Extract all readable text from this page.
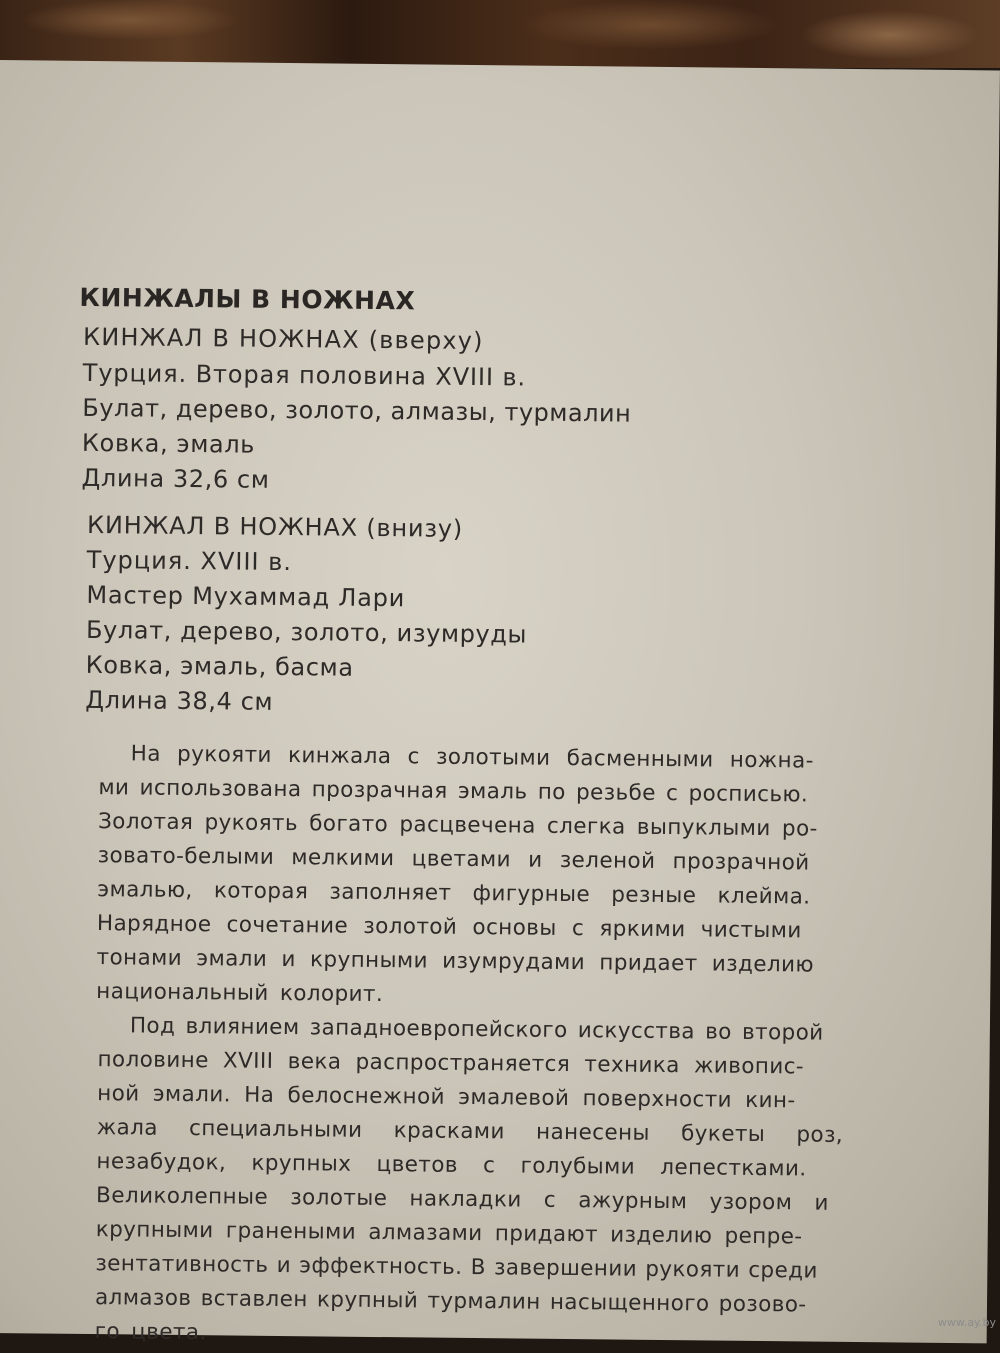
КИНЖАЛЫ В НОЖНАХ

КИНЖАЛ В НОЖНАХ (вверху)

Турция. Вторая половина XVIII в.

Булат, дерево, золото, алмазы, турмалин

Ковка, эмаль

Длина 32,6 см

КИНЖАЛ В НОЖНАХ (внизу)

Турция. XVIII в.

Мастер Мухаммад Лари

Булат, дерево, золото, изумруды

Ковка, эмаль, басма

Длина 38,4 см

На рукояти кинжала с золотыми басменными ножна-

ми использована прозрачная эмаль по резьбе с росписью.

Золотая рукоять богато расцвечена слегка выпуклыми ро-

зовато-белыми мелкими цветами и зеленой прозрачной

эмалью, которая заполняет фигурные резные клейма.

Нарядное сочетание золотой основы с яркими чистыми

тонами эмали и крупными изумрудами придает изделию

национальный колорит.

Под влиянием западноевропейского искусства во второй

половине XVIII века распространяется техника живопис-

ной эмали. На белоснежной эмалевой поверхности кин-

жала специальными красками нанесены букеты роз,

незабудок, крупных цветов с голубыми лепестками.

Великолепные золотые накладки с ажурным узором и

крупными гранеными алмазами придают изделию репре-

зентативность и эффектность. В завершении рукояти среди

алмазов вставлен крупный турмалин насыщенного розово-

го цвета.	www.ay.by
